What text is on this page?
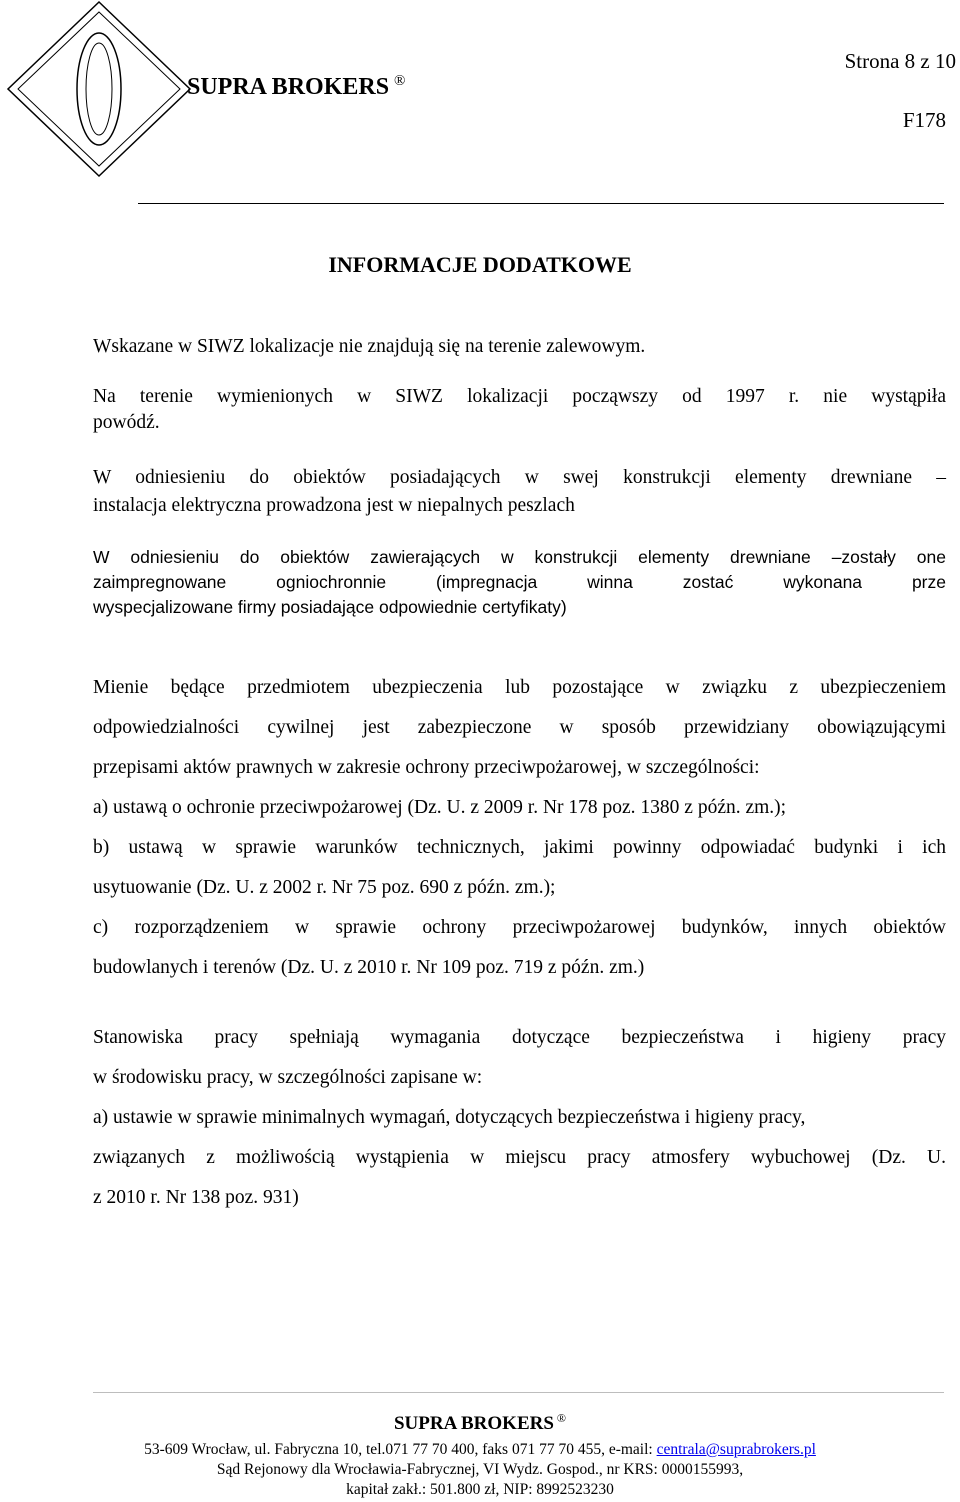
SUPRA BROKERS ®
Strona 8 z 10
F178
INFORMACJE DODATKOWE

Wskazane w SIWZ lokalizacje nie znajdują się na terenie zalewowym.

Na terenie wymienionych w SIWZ lokalizacji począwszy od 1997 r. nie wystąpiła

powódź.

W odniesieniu do obiektów posiadających w swej konstrukcji elementy drewniane –

instalacja elektryczna prowadzona jest w niepalnych peszlach

W odniesieniu do obiektów zawierających w konstrukcji elementy drewniane –zostały one

zaimpregnowane ogniochronnie (impregnacja winna zostać wykonana prze

wyspecjalizowane firmy posiadające odpowiednie certyfikaty)

Mienie będące przedmiotem ubezpieczenia lub pozostające w związku z ubezpieczeniem
odpowiedzialności cywilnej jest zabezpieczone w sposób przewidziany obowiązującymi
przepisami aktów prawnych w zakresie ochrony przeciwpożarowej, w szczególności:
a) ustawą o ochronie przeciwpożarowej (Dz. U. z 2009 r. Nr 178 poz. 1380 z późn. zm.);
b) ustawą w sprawie warunków technicznych, jakimi powinny odpowiadać budynki i ich
usytuowanie (Dz. U. z 2002 r. Nr 75 poz. 690 z późn. zm.);
c) rozporządzeniem w sprawie ochrony przeciwpożarowej budynków, innych obiektów
budowlanych i terenów (Dz. U. z 2010 r. Nr 109 poz. 719 z późn. zm.)
Stanowiska pracy spełniają wymagania dotyczące bezpieczeństwa i higieny pracy
w środowisku pracy, w szczególności zapisane w:
a) ustawie w sprawie minimalnych wymagań, dotyczących bezpieczeństwa i higieny pracy,
związanych z możliwością wystąpienia w miejscu pracy atmosfery wybuchowej (Dz. U.
z 2010 r. Nr 138 poz. 931)
SUPRA BROKERS ®
53-609 Wrocław, ul. Fabryczna 10, tel.071 77 70 400, faks 071 77 70 455, e-mail: centrala@suprabrokers.pl
Sąd Rejonowy dla Wrocławia-Fabrycznej, VI Wydz. Gospod., nr KRS: 0000155993,
kapitał zakł.: 501.800 zł, NIP: 8992523230
